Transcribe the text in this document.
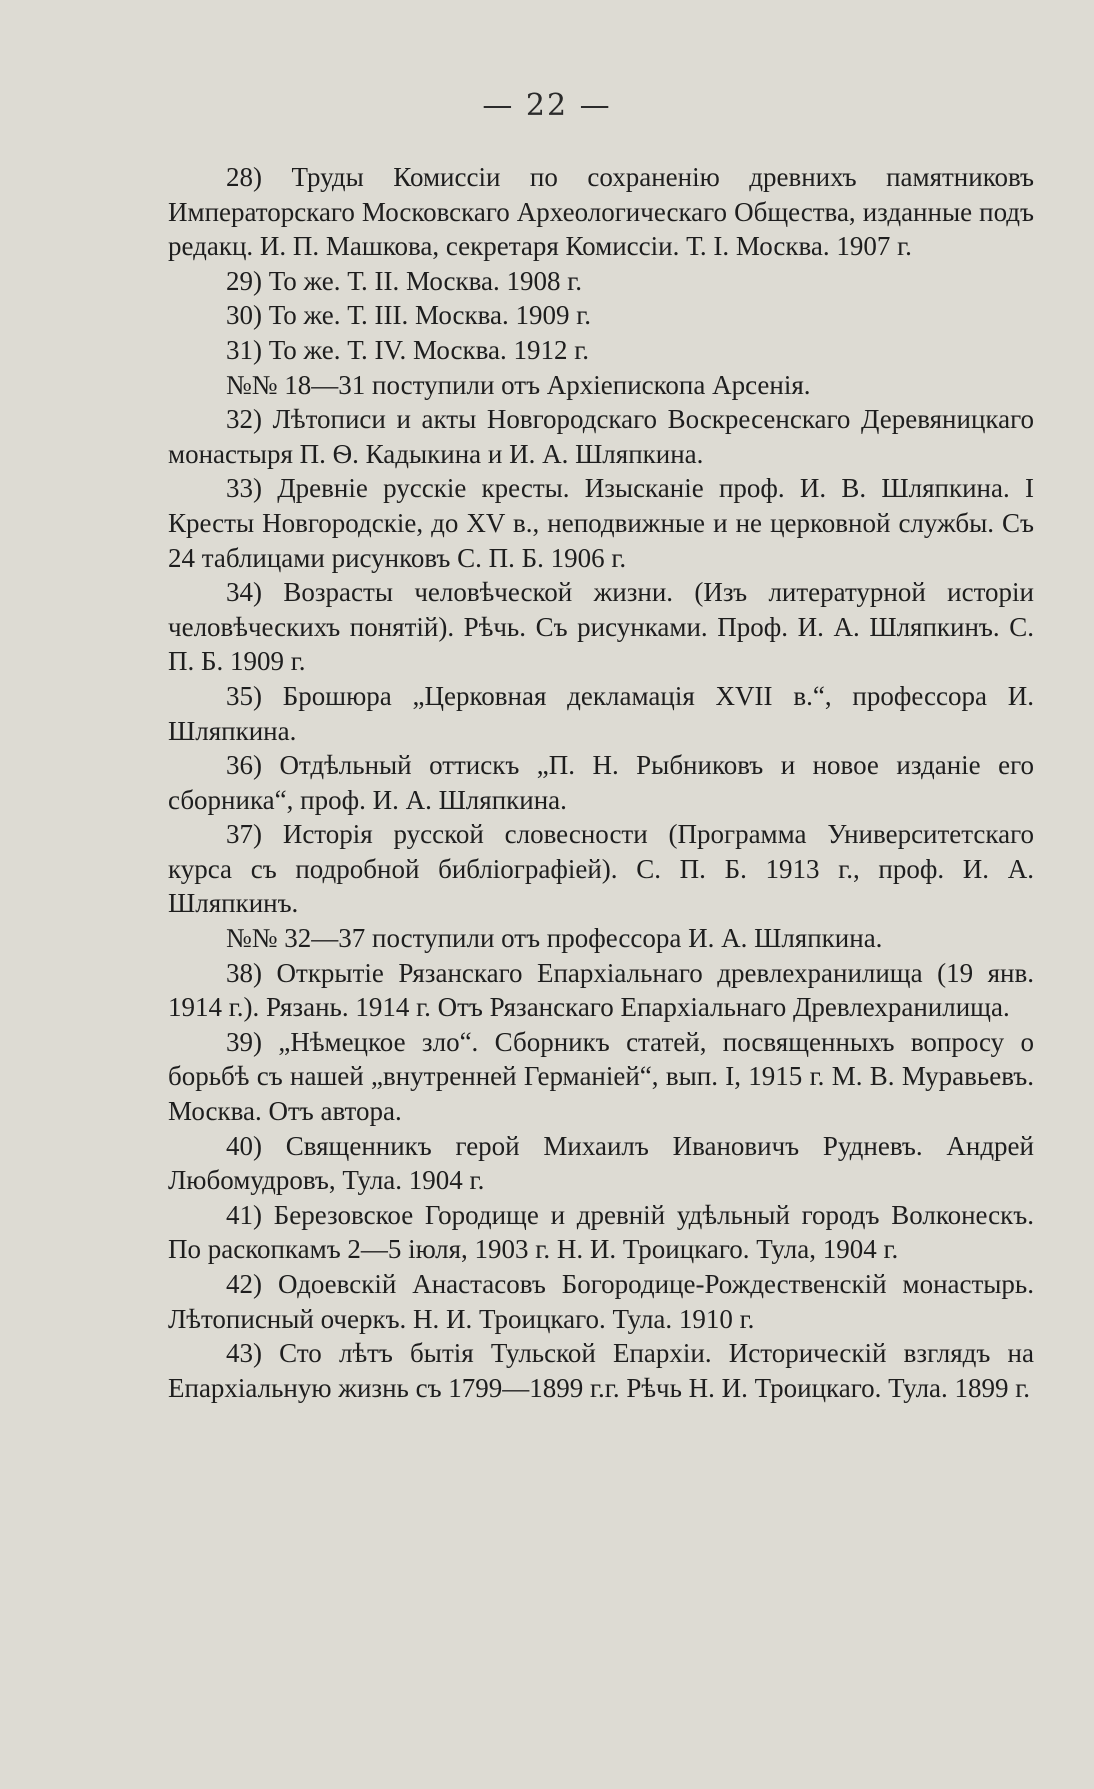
— 22 —

28) Труды Комиссіи по сохраненію древнихъ памятниковъ Императорскаго Московскаго Археологическаго Общества, изданные подъ редакц. И. П. Машкова, секретаря Комиссіи. Т. I. Москва. 1907 г.

29) То же. Т. II. Москва. 1908 г.

30) То же. Т. III. Москва. 1909 г.

31) То же. Т. IV. Москва. 1912 г.

№№ 18—31 поступили отъ Архіепископа Арсенія.

32) Лѣтописи и акты Новгородскаго Воскресенскаго Деревяницкаго монастыря П. Ѳ. Кадыкина и И. А. Шляпкина.

33) Древніе русскіе кресты. Изысканіе проф. И. В. Шляпкина. I Кресты Новгородскіе, до XV в., неподвижные и не церковной службы. Съ 24 таблицами рисунковъ С. П. Б. 1906 г.

34) Возрасты человѣческой жизни. (Изъ литературной исторіи человѣческихъ понятій). Рѣчь. Съ рисунками. Проф. И. А. Шляпкинъ. С. П. Б. 1909 г.

35) Брошюра „Церковная декламація XVII в.“, профессора И. Шляпкина.

36) Отдѣльный оттискъ „П. Н. Рыбниковъ и новое изданіе его сборника“, проф. И. А. Шляпкина.

37) Исторія русской словесности (Программа Университетскаго курса съ подробной библіографіей). С. П. Б. 1913 г., проф. И. А. Шляпкинъ.

№№ 32—37 поступили отъ профессора И. А. Шляпкина.

38) Открытіе Рязанскаго Епархіальнаго древлехранилища (19 янв. 1914 г.). Рязань. 1914 г. Отъ Рязанскаго Епархіальнаго Древлехранилища.

39) „Нѣмецкое зло“. Сборникъ статей, посвященныхъ вопросу о борьбѣ съ нашей „внутренней Германіей“, вып. I, 1915 г. М. В. Муравьевъ. Москва. Отъ автора.

40) Священникъ герой Михаилъ Ивановичъ Рудневъ. Андрей Любомудровъ, Тула. 1904 г.

41) Березовское Городище и древній удѣльный городъ Волконескъ. По раскопкамъ 2—5 іюля, 1903 г. Н. И. Троицкаго. Тула, 1904 г.

42) Одоевскій Анастасовъ Богородице-Рождественскій монастырь. Лѣтописный очеркъ. Н. И. Троицкаго. Тула. 1910 г.

43) Сто лѣтъ бытія Тульской Епархіи. Историческій взглядъ на Епархіальную жизнь съ 1799—1899 г.г. Рѣчь Н. И. Троицкаго. Тула. 1899 г.
